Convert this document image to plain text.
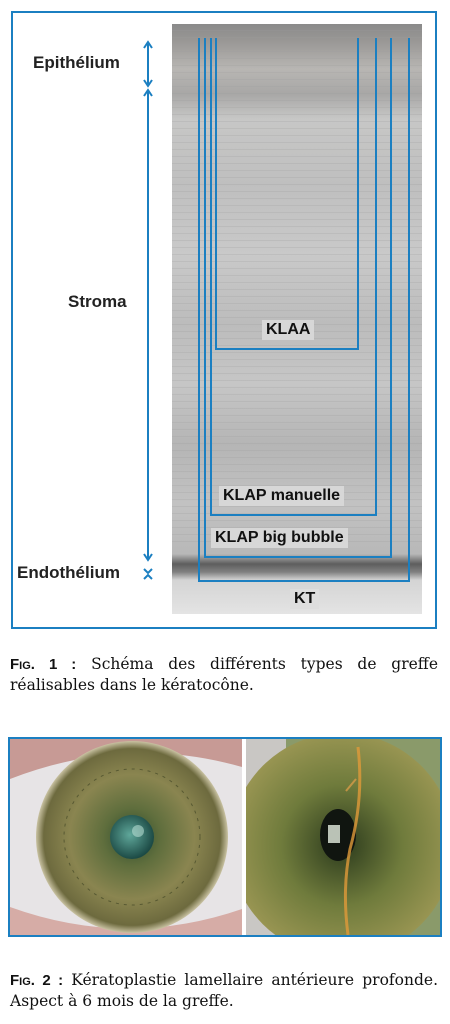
Epithélium
Stroma
Endothélium
KLAA
KLAP manuelle
KLAP big bubble
KT
Fig. 1 : Schéma des différents types de greffe réalisables dans le kératocône.
Fig. 2 : Kératoplastie lamellaire antérieure profonde. Aspect à 6 mois de la greffe.
